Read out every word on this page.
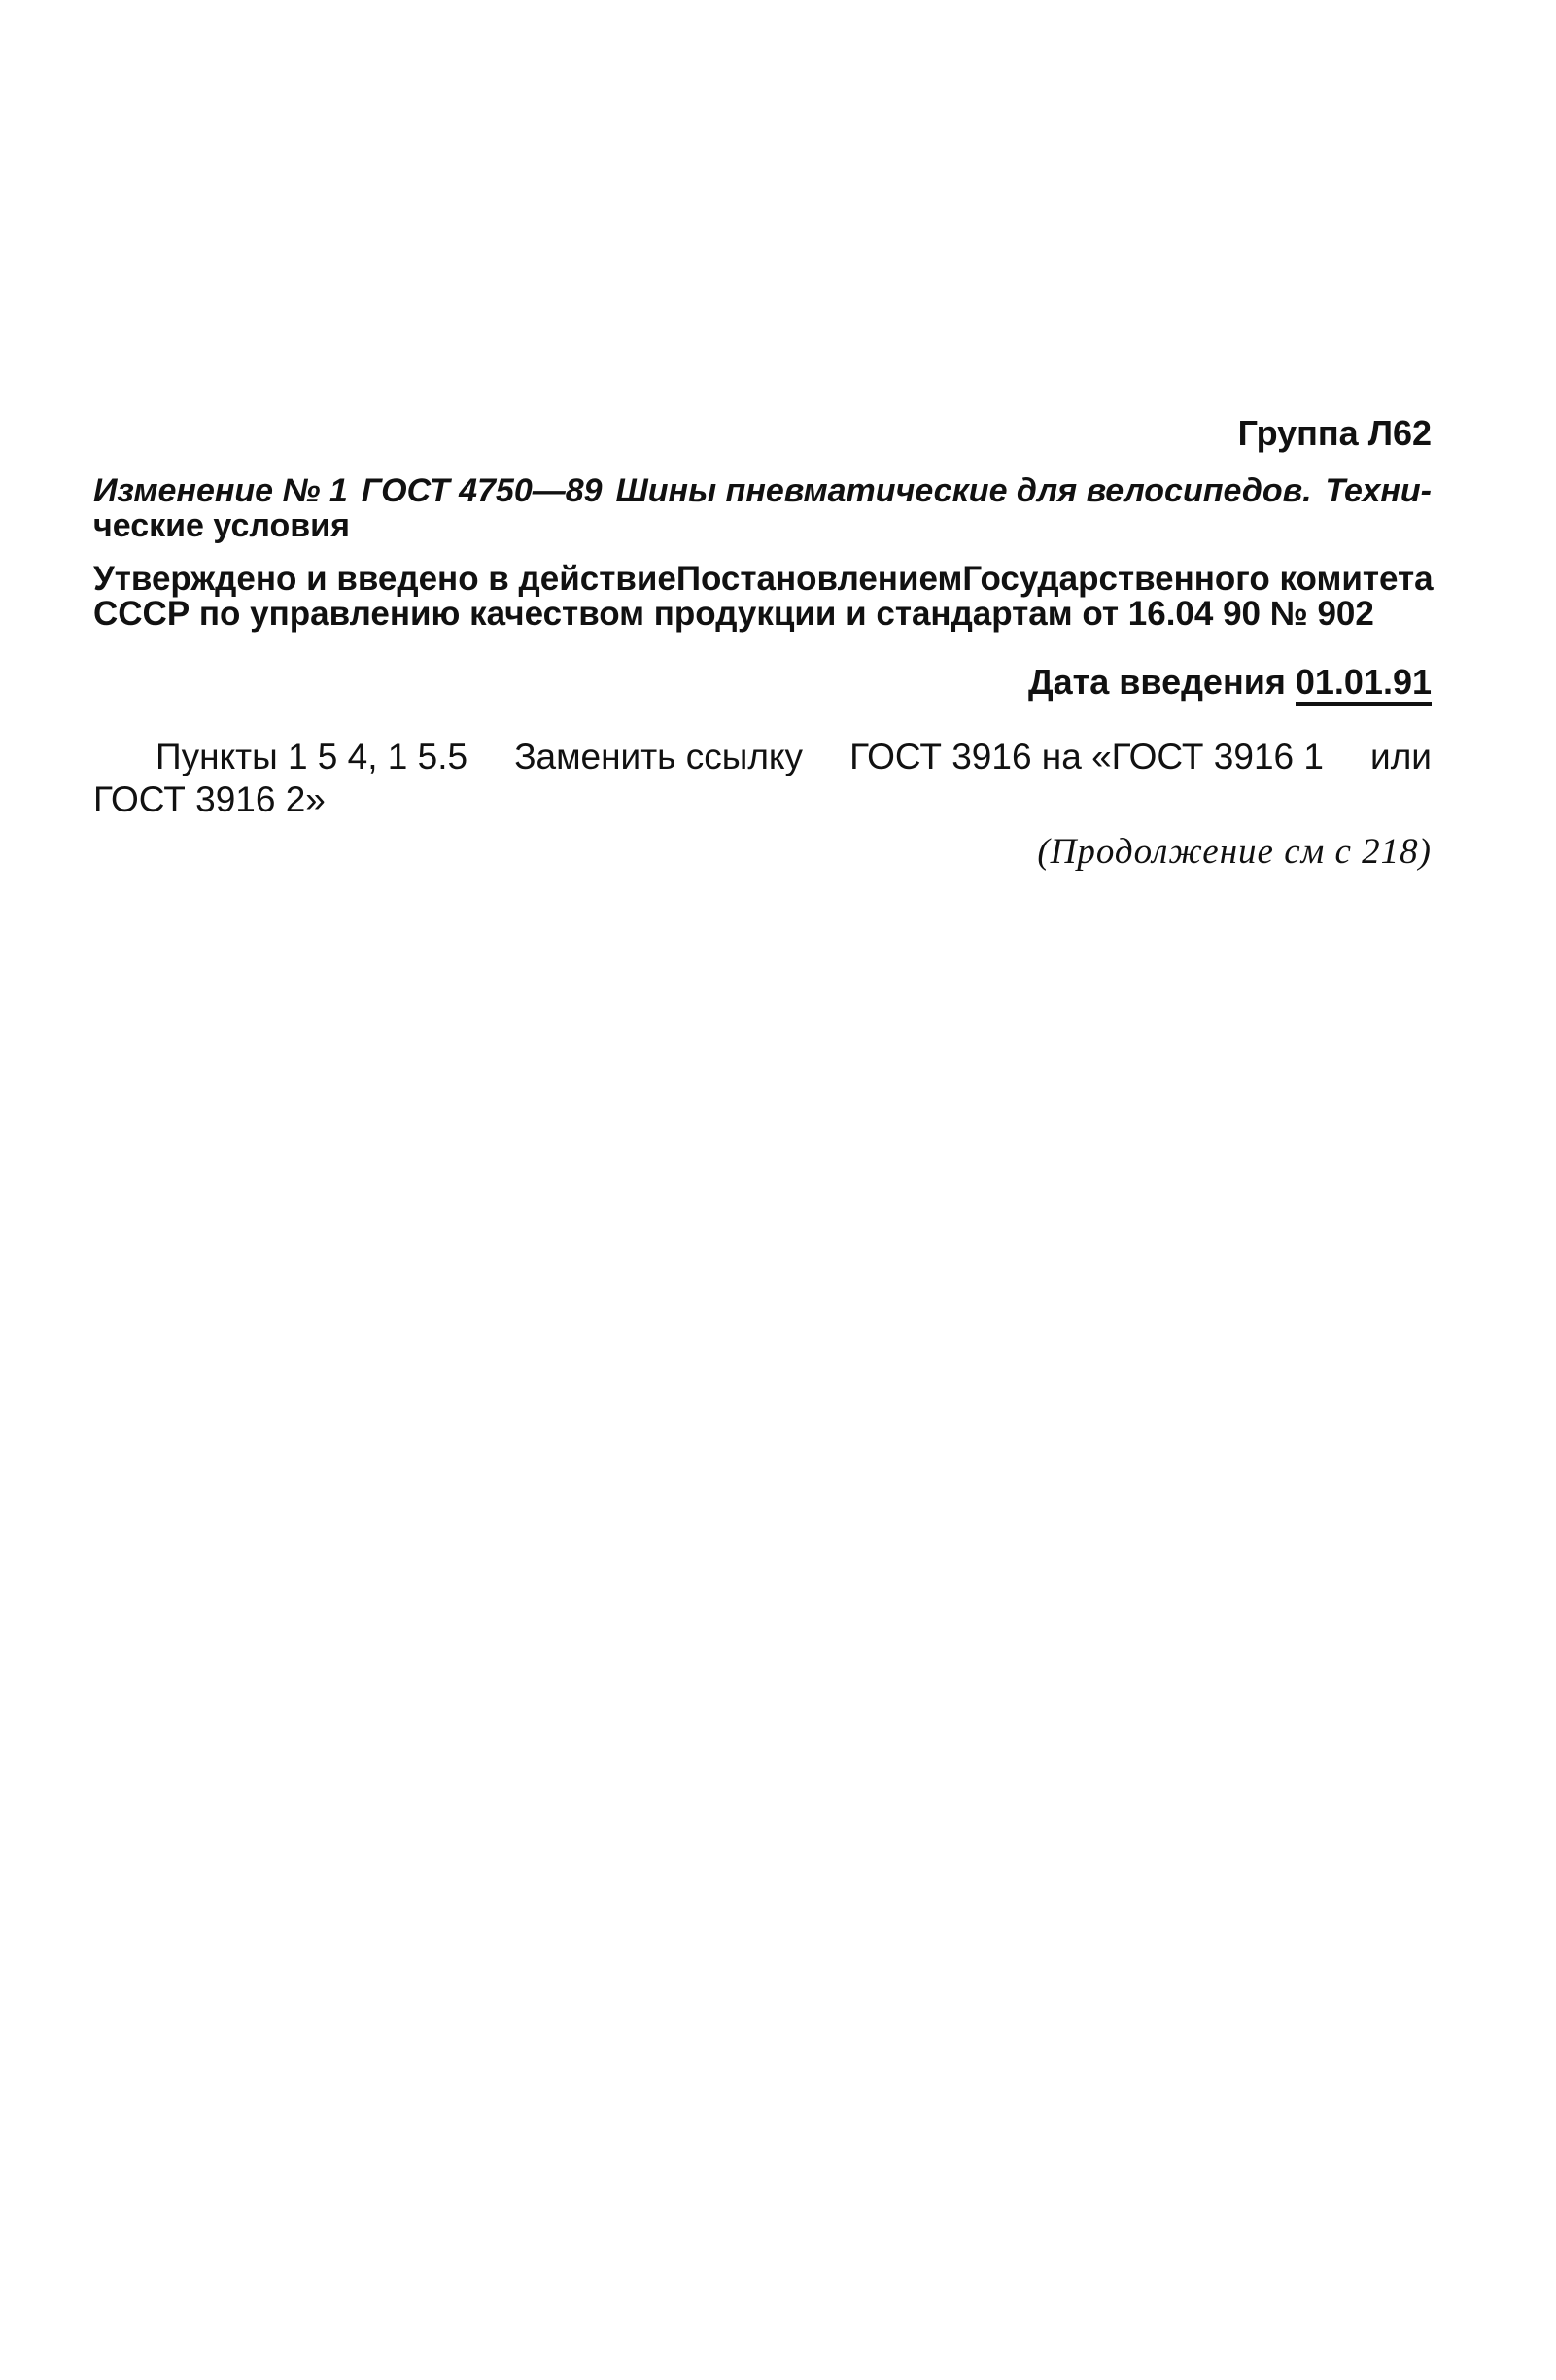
Группа Л62
Изменение № 1 ГОСТ 4750—89 Шины пневматические для велосипедов. Техни-
ческие условия
Утверждено и введено в действие Постановлением Государственного комитета
СССР по управлению качеством продукции и стандартам от 16.04 90 № 902
Дата введения 01.01.91
Пункты 1 5 4, 1 5.5 Заменить ссылку ГОСТ 3916 на «ГОСТ 3916 1 или
ГОСТ 3916 2»
(Продолжение см с 218)
